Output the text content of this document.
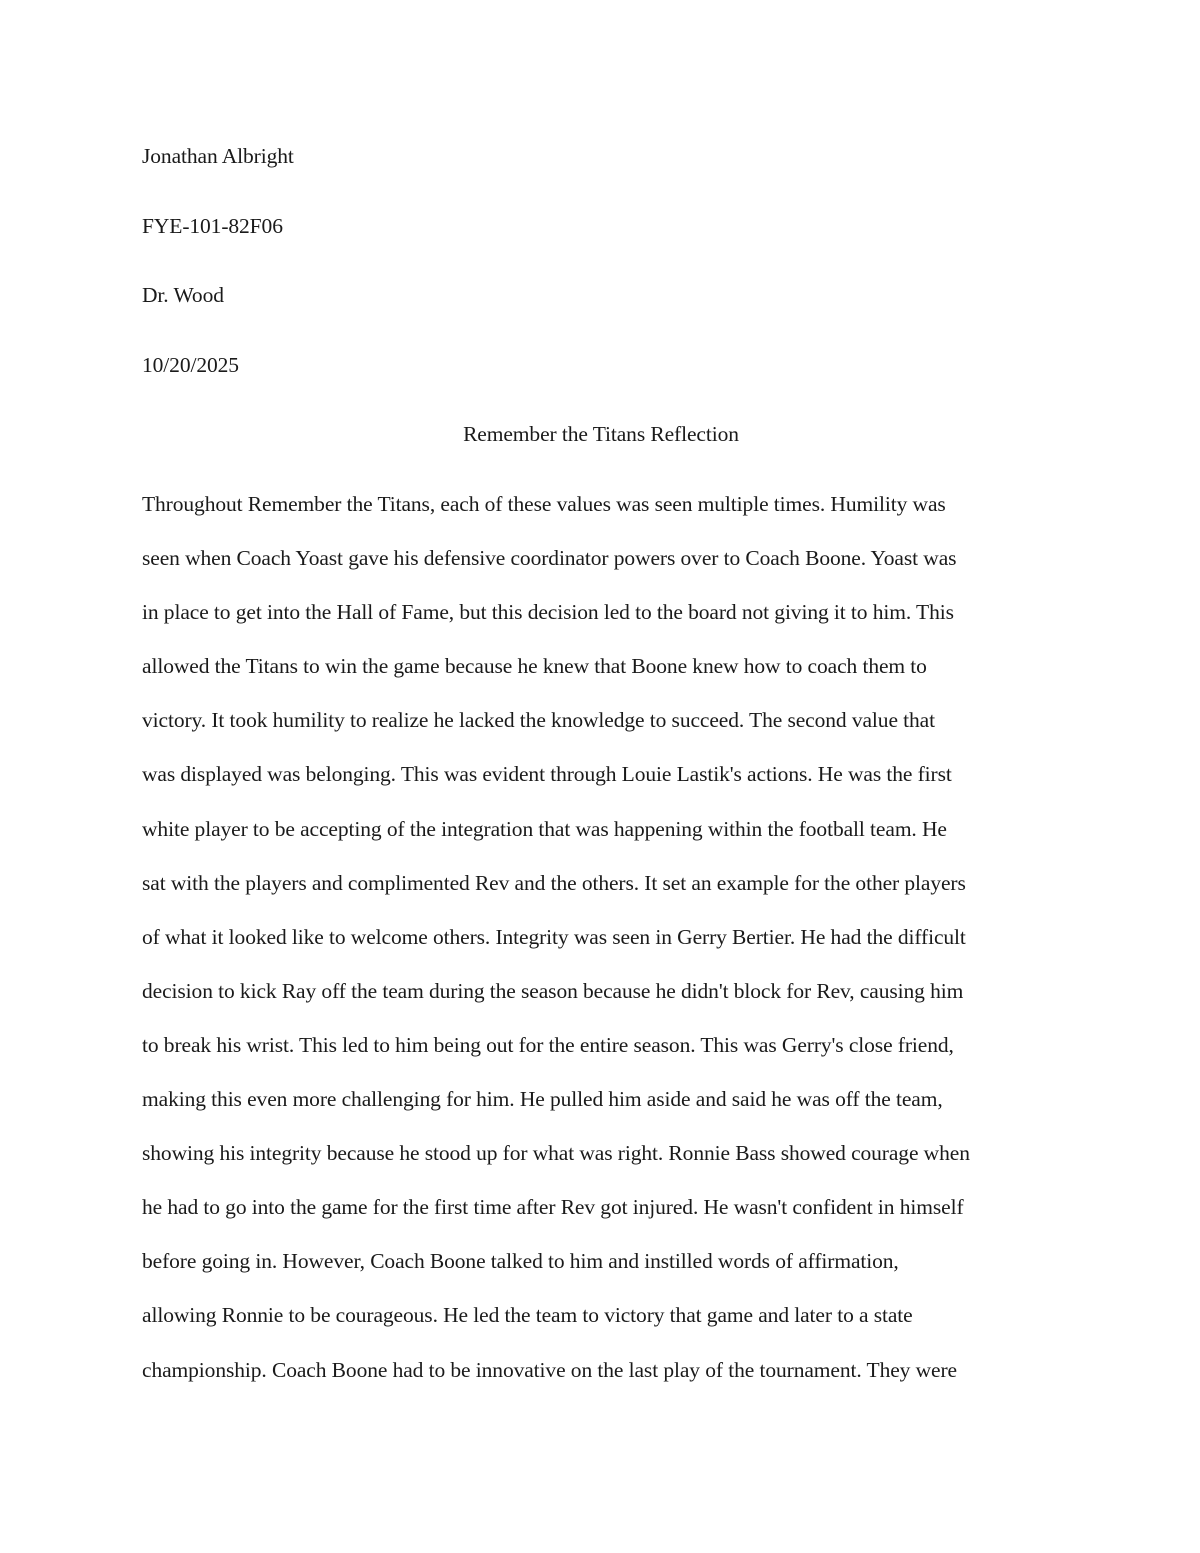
Jonathan Albright

FYE-101-82F06

Dr. Wood

10/20/2025

Remember the Titans Reflection

Throughout Remember the Titans, each of these values was seen multiple times. Humility was

seen when Coach Yoast gave his defensive coordinator powers over to Coach Boone. Yoast was

in place to get into the Hall of Fame, but this decision led to the board not giving it to him. This

allowed the Titans to win the game because he knew that Boone knew how to coach them to

victory. It took humility to realize he lacked the knowledge to succeed. The second value that

was displayed was belonging. This was evident through Louie Lastik's actions. He was the first

white player to be accepting of the integration that was happening within the football team. He

sat with the players and complimented Rev and the others. It set an example for the other players

of what it looked like to welcome others. Integrity was seen in Gerry Bertier. He had the difficult

decision to kick Ray off the team during the season because he didn't block for Rev, causing him

to break his wrist. This led to him being out for the entire season. This was Gerry's close friend,

making this even more challenging for him. He pulled him aside and said he was off the team,

showing his integrity because he stood up for what was right. Ronnie Bass showed courage when

he had to go into the game for the first time after Rev got injured. He wasn't confident in himself

before going in. However, Coach Boone talked to him and instilled words of affirmation,

allowing Ronnie to be courageous. He led the team to victory that game and later to a state

championship. Coach Boone had to be innovative on the last play of the tournament. They were
